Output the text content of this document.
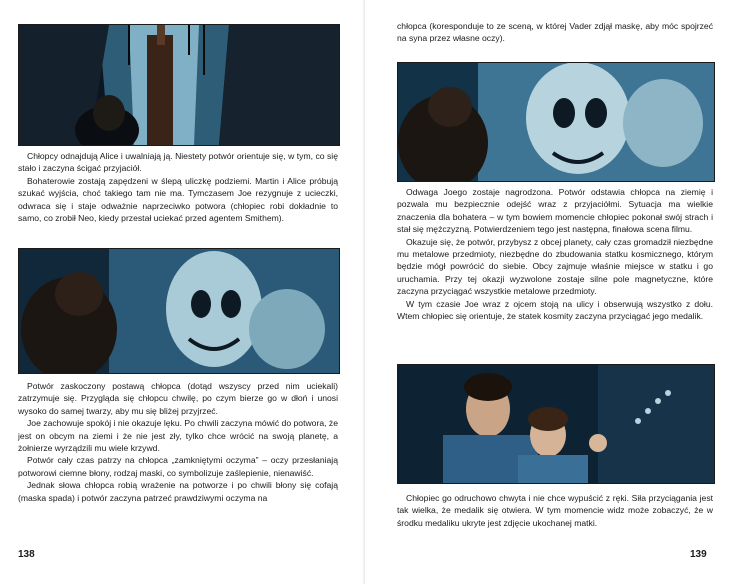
Chłopcy odnajdują Alice i uwalniają ją. Niestety potwór orientuje się, w tym, co się stało i zaczyna ścigać przyjaciół.

Bohaterowie zostają zapędzeni w ślepą uliczkę podziemi. Martin i Alice próbują szukać wyjścia, choć takiego tam nie ma. Tymczasem Joe rezygnuje z ucieczki, odwraca się i staje odważnie naprzeciwko potwora (chłopiec robi dokładnie to samo, co zrobił Neo, kiedy przestał uciekać przed agentem Smithem).

Potwór zaskoczony postawą chłopca (dotąd wszyscy przed nim uciekali) zatrzymuje się. Przygląda się chłopcu chwilę, po czym bierze go w dłoń i unosi wysoko do samej twarzy, aby mu się bliżej przyjrzeć.

Joe zachowuje spokój i nie okazuje lęku. Po chwili zaczyna mówić do potwora, że jest on obcym na ziemi i że nie jest zły, tylko chce wrócić na swoją planetę, a żołnierze wyrządzili mu wiele krzywd.

Potwór cały czas patrzy na chłopca „zamkniętymi oczyma” – oczy przesłaniają potworowi ciemne błony, rodzaj maski, co symbolizuje zaślepienie, nienawiść.

Jednak słowa chłopca robią wrażenie na potworze i po chwili błony się cofają (maska spada) i potwór zaczyna patrzeć prawdziwymi oczyma na

138

chłopca (koresponduje to ze sceną, w której Vader zdjął maskę, aby móc spojrzeć na syna przez własne oczy).

Odwaga Joego zostaje nagrodzona. Potwór odstawia chłopca na ziemię i pozwala mu bezpiecznie odejść wraz z przyjaciółmi. Sytuacja ma wielkie znaczenia dla bohatera – w tym bowiem momencie chłopiec pokonał swój strach i stał się mężczyzną. Potwierdzeniem tego jest następna, finałowa scena filmu.

Okazuje się, że potwór, przybysz z obcej planety, cały czas gromadził niezbędne mu metalowe przedmioty, niezbędne do zbudowania statku kosmicznego, którym będzie mógł powrócić do siebie. Obcy zajmuje właśnie miejsce w statku i go uruchamia. Przy tej okazji wyzwolone zostaje silne pole magnetyczne, które zaczyna przyciągać wszystkie metalowe przedmioty.

W tym czasie Joe wraz z ojcem stoją na ulicy i obserwują wszystko z dołu. Wtem chłopiec się orientuje, że statek kosmity zaczyna przyciągać jego medalik.

Chłopiec go odruchowo chwyta i nie chce wypuścić z ręki. Siła przyciągania jest tak wielka, że medalik się otwiera. W tym momencie widz może zobaczyć, że w środku medaliku ukryte jest zdjęcie ukochanej matki.

139
